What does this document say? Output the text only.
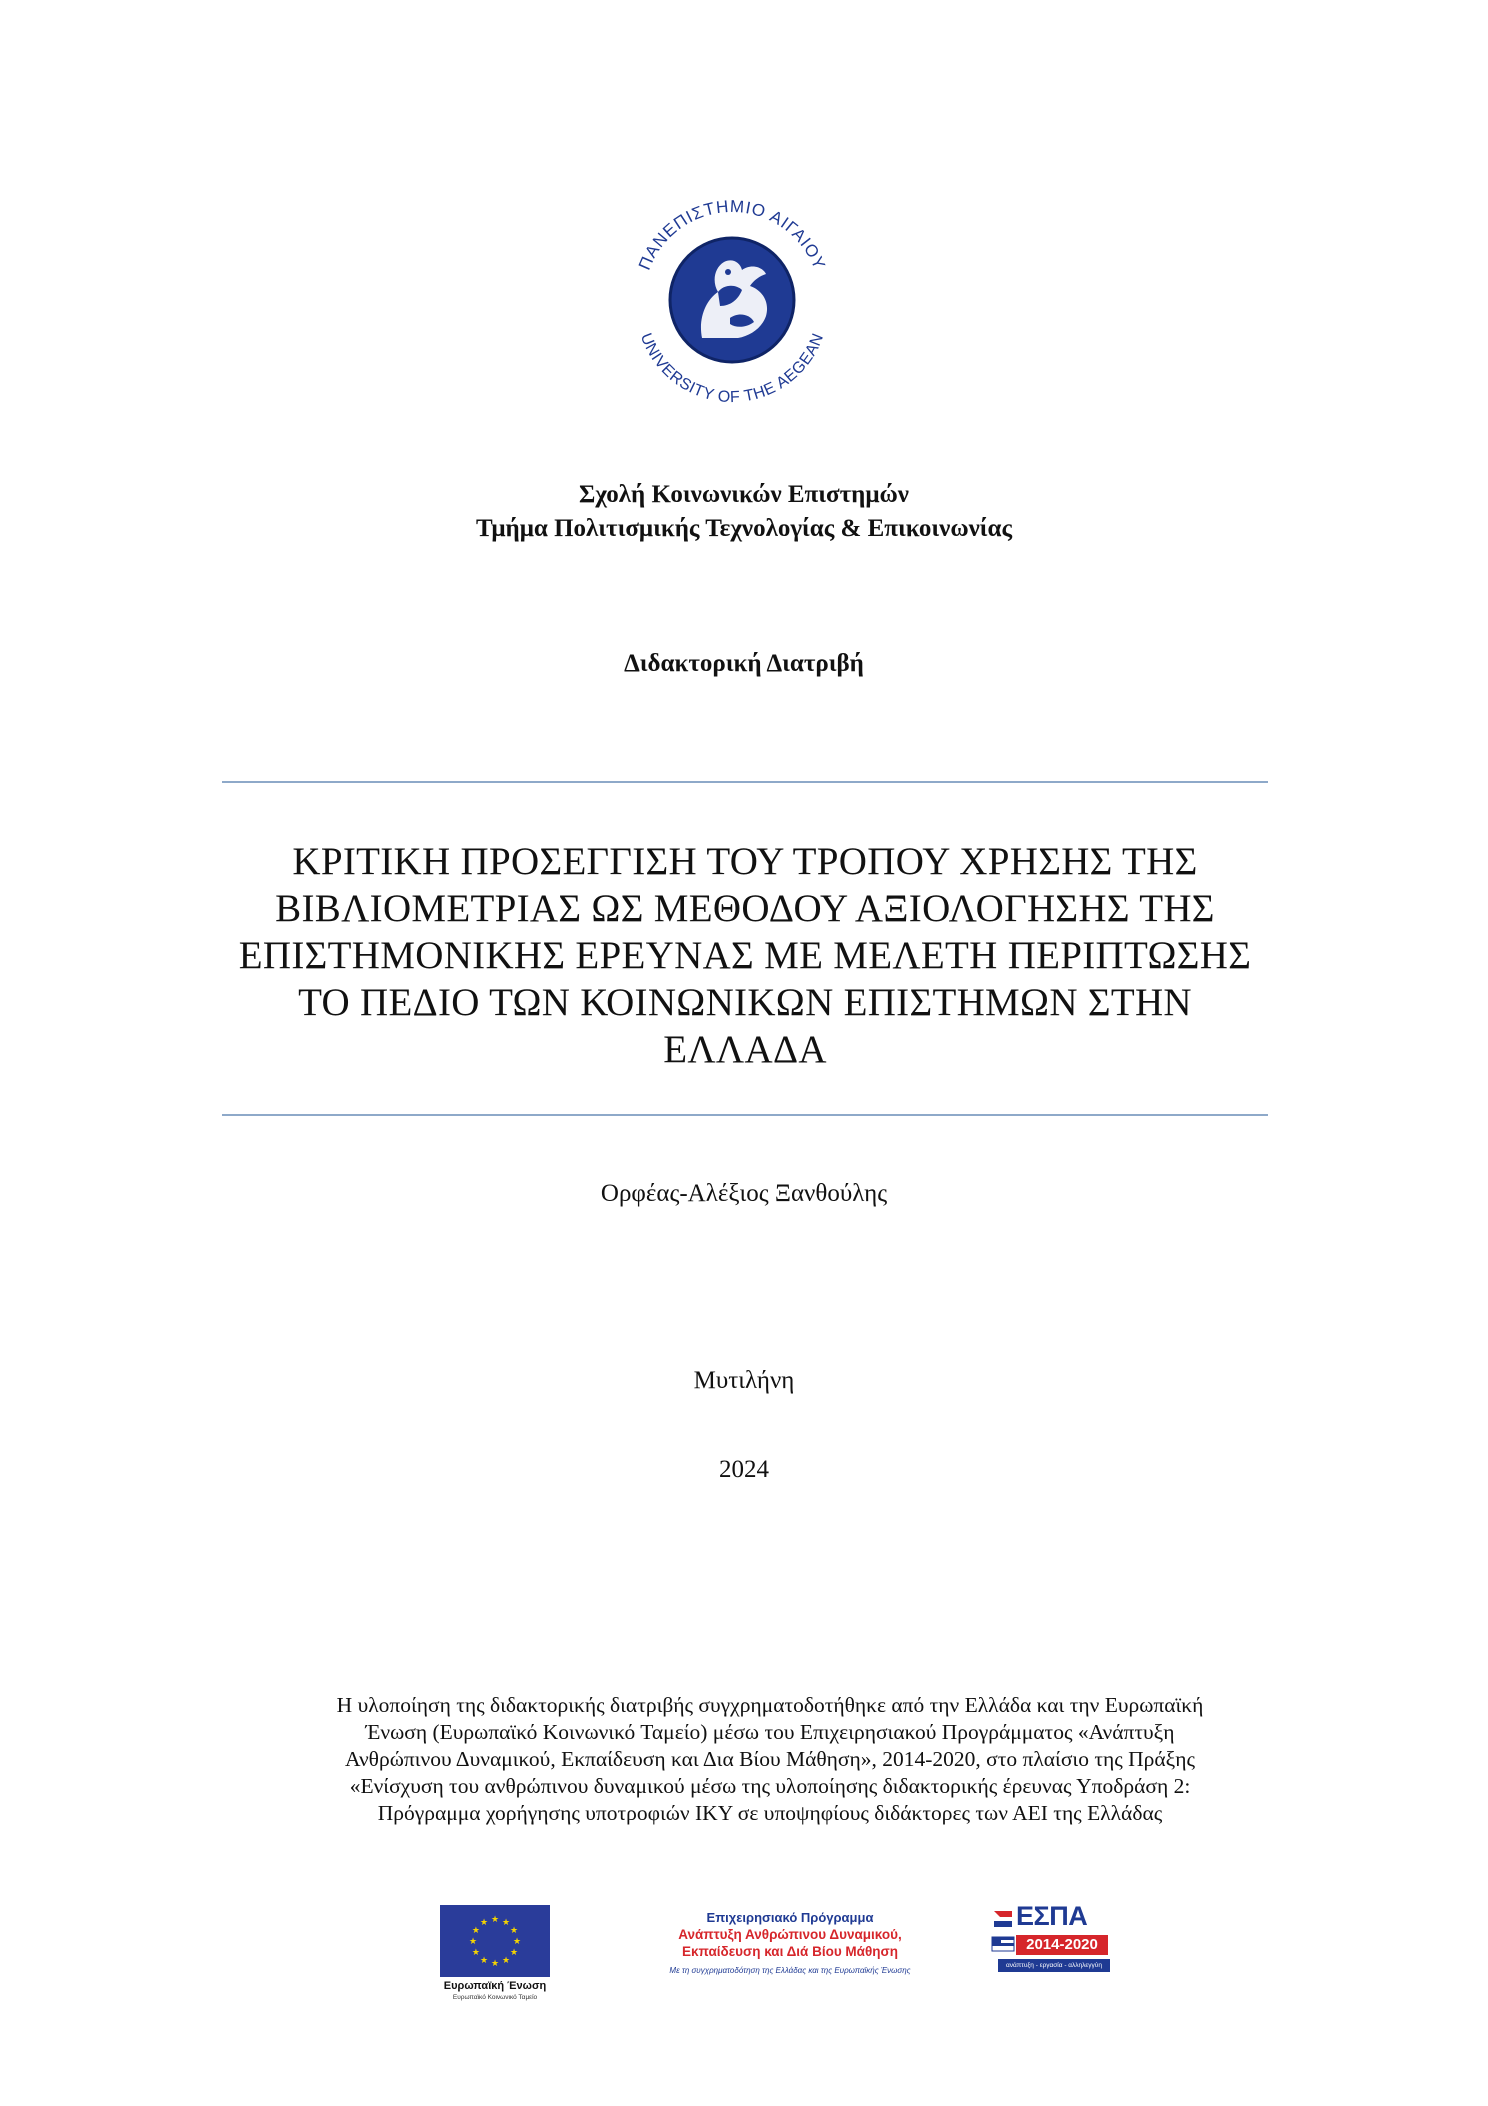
ΠΑΝΕΠΙΣΤΗΜΙΟ ΑΙΓΑΙΟΥ
UNIVERSITY OF THE AEGEAN
Σχολή Κοινωνικών Επιστημών
Τμήμα Πολιτισμικής Τεχνολογίας & Επικοινωνίας
Διδακτορική Διατριβή
ΚΡΙΤΙΚΗ ΠΡΟΣΕΓΓΙΣΗ ΤΟΥ ΤΡΟΠΟΥ ΧΡΗΣΗΣ ΤΗΣ
ΒΙΒΛΙΟΜΕΤΡΙΑΣ ΩΣ ΜΕΘΟΔΟΥ ΑΞΙΟΛΟΓΗΣΗΣ ΤΗΣ
ΕΠΙΣΤΗΜΟΝΙΚΗΣ ΕΡΕΥΝΑΣ ΜΕ ΜΕΛΕΤΗ ΠΕΡΙΠΤΩΣΗΣ
ΤΟ ΠΕΔΙΟ ΤΩΝ ΚΟΙΝΩΝΙΚΩΝ ΕΠΙΣΤΗΜΩΝ ΣΤΗΝ
ΕΛΛΑΔΑ
Ορφέας-Αλέξιος Ξανθούλης
Μυτιλήνη
2024
Η υλοποίηση της διδακτορικής διατριβής συγχρηματοδοτήθηκε από την Ελλάδα και την Ευρωπαϊκή
Ένωση (Ευρωπαϊκό Κοινωνικό Ταμείο) μέσω του Επιχειρησιακού Προγράμματος «Ανάπτυξη
Ανθρώπινου Δυναμικού, Εκπαίδευση και Δια Βίου Μάθηση», 2014-2020, στο πλαίσιο της Πράξης
«Ενίσχυση του ανθρώπινου δυναμικού μέσω της υλοποίησης διδακτορικής έρευνας Υποδράση 2:
Πρόγραμμα χορήγησης υποτροφιών ΙΚΥ σε υποψηφίους διδάκτορες των ΑΕΙ της Ελλάδας
★ ★
★
★
★
★
★
★
★
★
★
★
Ευρωπαϊκή Ένωση
Ευρωπαϊκό Κοινωνικό Ταμείο
Επιχειρησιακό Πρόγραμμα
Ανάπτυξη Ανθρώπινου Δυναμικού,
Εκπαίδευση και Διά Βίου Μάθηση
Με τη συγχρηματοδότηση της Ελλάδας και της Ευρωπαϊκής Ένωσης
ΕΣΠΑ
2014-2020
ανάπτυξη - εργασία - αλληλεγγύη
